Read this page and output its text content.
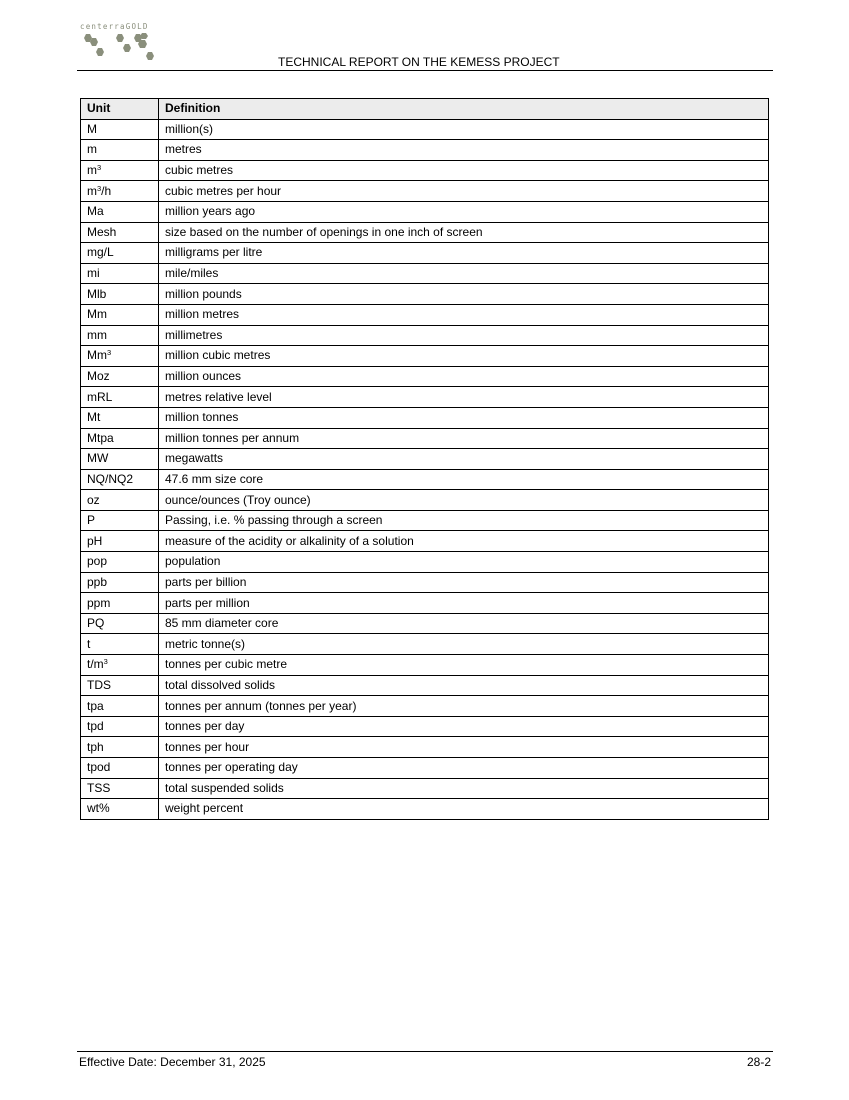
centerraGOLD
TECHNICAL REPORT ON THE KEMESS PROJECT
Unit	Definition
M	million(s)
m	metres
$m^3$	cubic metres
$m^3/h$	cubic metres per hour
Ma	million years ago
Mesh	size based on the number of openings in one inch of screen
mg/L	milligrams per litre
mi	mile/miles
Mlb	million pounds
Mm	million metres
mm	millimetres
Mm$^3$	million cubic metres
Moz	million ounces
mRL	metres relative level
Mt	million tonnes
Mtpa	million tonnes per annum
MW	megawatts
NQ/NQ2	47.6 mm size core
oz	ounce/ounces (Troy ounce)
P	Passing, i.e. % passing through a screen
pH	measure of the acidity or alkalinity of a solution
pop	population
ppb	parts per billion
ppm	parts per million
PQ	85 mm diameter core
t	metric tonne(s)
$t/m^3$	tonnes per cubic metre
TDS	total dissolved solids
tpa	tonnes per annum (tonnes per year)
tpd	tonnes per day
tph	tonnes per hour
tpod	tonnes per operating day
TSS	total suspended solids
wt%	weight percent
Effective Date: December 31, 2025	28-2
